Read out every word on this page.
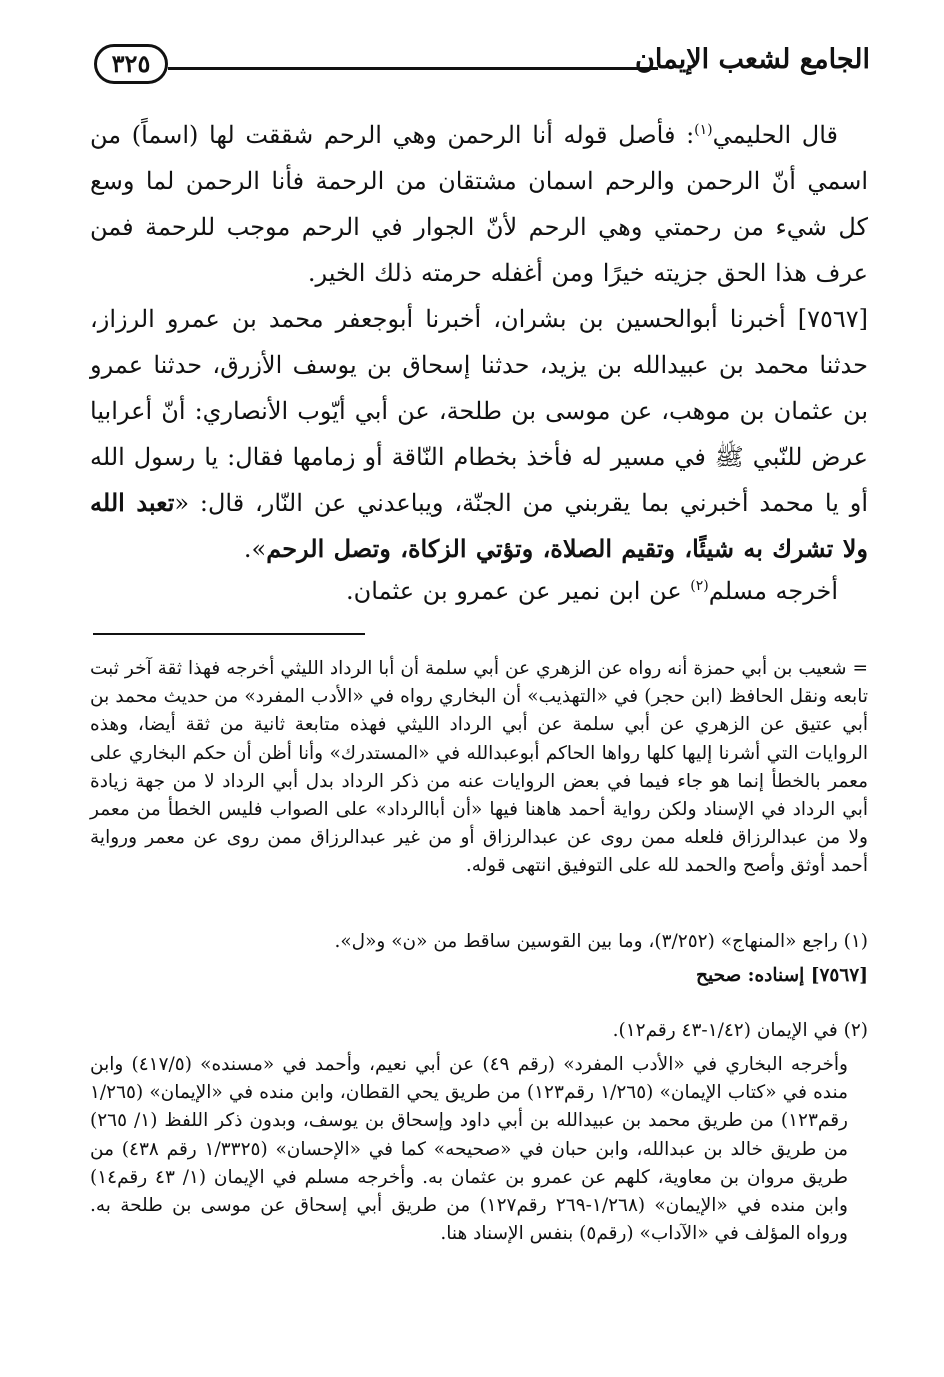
الجامع لشعب الإيمان
٣٢٥
قال الحليمي$^{(١)}$: فأصل قوله أنا الرحمن وهي الرحم شققت لها (اسماً) من اسمي أنّ الرحمن والرحم اسمان مشتقان من الرحمة فأنا الرحمن لما وسع كل شيء من رحمتي وهي الرحم لأنّ الجوار في الرحم موجب للرحمة فمن عرف هذا الحق جزيته خيرًا ومن أغفله حرمته ذلك الخير.
[٧٥٦٧] أخبرنا أبوالحسين بن بشران، أخبرنا أبوجعفر محمد بن عمرو الرزاز، حدثنا محمد بن عبيدالله بن يزيد، حدثنا إسحاق بن يوسف الأزرق، حدثنا عمرو بن عثمان بن موهب، عن موسى بن طلحة، عن أبي أيّوب الأنصاري: أنّ أعرابيا عرض للنّبي ﷺ في مسير له فأخذ بخطام النّاقة أو زمامها فقال: يا رسول الله أو يا محمد أخبرني بما يقربني من الجنّة، ويباعدني عن النّار، قال: «تعبد الله ولا تشرك به شيئًا، وتقيم الصلاة، وتؤتي الزكاة، وتصل الرحم».
أخرجه مسلم$^{(٢)}$ عن ابن نمير عن عمرو بن عثمان.
= شعيب بن أبي حمزة أنه رواه عن الزهري عن أبي سلمة أن أبا الرداد الليثي أخرجه فهذا ثقة آخر ثبت تابعه ونقل الحافظ (ابن حجر) في «التهذيب» أن البخاري رواه في «الأدب المفرد» من حديث محمد بن أبي عتيق عن الزهري عن أبي سلمة عن أبي الرداد الليثي فهذه متابعة ثانية من ثقة أيضا، وهذه الروايات التي أشرنا إليها كلها رواها الحاكم أبوعبدالله في «المستدرك» وأنا أظن أن حكم البخاري على معمر بالخطأ إنما هو جاء فيما في بعض الروايات عنه من ذكر الرداد بدل أبي الرداد لا من جهة زيادة أبي الرداد في الإسناد ولكن رواية أحمد هاهنا فيها «أن أباالرداد» على الصواب فليس الخطأ من معمر ولا من عبدالرزاق فلعله ممن روى عن عبدالرزاق أو من غير عبدالرزاق ممن روى عن معمر ورواية أحمد أوثق وأصح والحمد لله على التوفيق انتهى قوله.
(١) راجع «المنهاج» (٣/٢٥٢)، وما بين القوسين ساقط من «ن» و«ل».
[٧٥٦٧] إسناده: صحيح
(٢) في الإيمان (١/٤٢-٤٣ رقم١٢).
وأخرجه البخاري في «الأدب المفرد» (رقم ٤٩) عن أبي نعيم، وأحمد في «مسنده» (٤١٧/٥) وابن منده في «كتاب الإيمان» (١/٢٦٥ رقم١٢٣) من طريق يحي القطان، وابن منده في «الإيمان» (١/٢٦٥ رقم١٢٣) من طريق محمد بن عبيدالله بن أبي داود وإسحاق بن يوسف، وبدون ذكر اللفظ (١/ ٢٦٥) من طريق خالد بن عبدالله، وابن حبان في «صحيحه» كما في «الإحسان» (١/٣٣٢٥ رقم ٤٣٨) من طريق مروان بن معاوية، كلهم عن عمرو بن عثمان به. وأخرجه مسلم في الإيمان (١/ ٤٣ رقم١٤) وابن منده في «الإيمان» (١/٢٦٨-٢٦٩ رقم١٢٧) من طريق أبي إسحاق عن موسى بن طلحة به. ورواه المؤلف في «الآداب» (رقم٥) بنفس الإسناد هنا.
